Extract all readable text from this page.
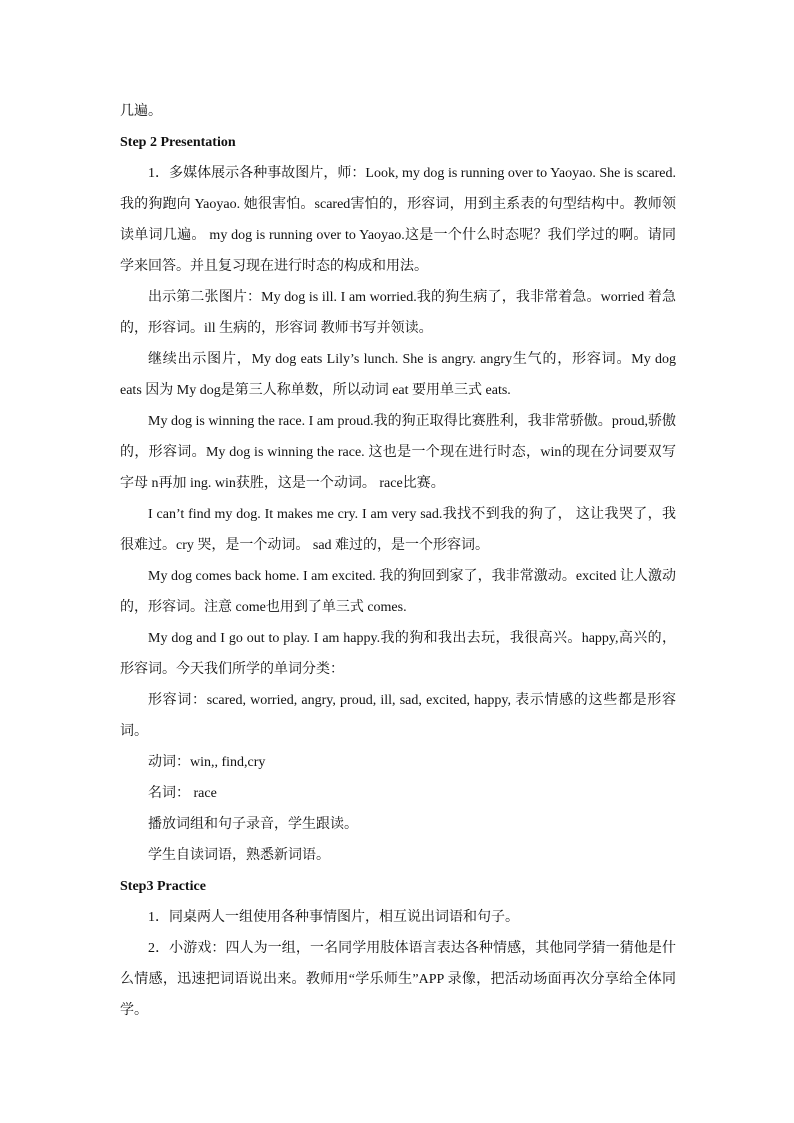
几遍。

Step 2 Presentation

1．多媒体展示各种事故图片，师：Look, my dog is running over to Yaoyao. She is scared. 我的狗跑向 Yaoyao. 她很害怕。scared害怕的，形容词，用到主系表的句型结构中。教师领读单词几遍。 my dog is running over to Yaoyao.这是一个什么时态呢？我们学过的啊。请同学来回答。并且复习现在进行时态的构成和用法。

出示第二张图片：My dog is ill. I am worried.我的狗生病了，我非常着急。worried 着急的，形容词。ill 生病的，形容词 教师书写并领读。

继续出示图片，My dog eats Lily’s lunch. She is angry. angry生气的，形容词。My dog eats 因为 My dog是第三人称单数，所以动词 eat 要用单三式 eats.

My dog is winning the race. I am proud.我的狗正取得比赛胜利，我非常骄傲。proud,骄傲的，形容词。My dog is winning the race. 这也是一个现在进行时态，win的现在分词要双写字母 n再加 ing. win获胜，这是一个动词。 race比赛。

I can’t find my dog. It makes me cry. I am very sad.我找不到我的狗了， 这让我哭了，我很难过。cry 哭，是一个动词。 sad 难过的，是一个形容词。

My dog comes back home. I am excited. 我的狗回到家了，我非常激动。excited 让人激动的，形容词。注意 come也用到了单三式 comes.

My dog and I go out to play. I am happy.我的狗和我出去玩，我很高兴。happy,高兴的，形容词。今天我们所学的单词分类：

形容词：scared, worried, angry, proud, ill, sad, excited, happy, 表示情感的这些都是形容词。

动词：win,, find,cry

名词： race

播放词组和句子录音，学生跟读。

学生自读词语，熟悉新词语。

Step3 Practice

1．同桌两人一组使用各种事情图片，相互说出词语和句子。

2．小游戏：四人为一组，一名同学用肢体语言表达各种情感，其他同学猜一猜他是什么情感，迅速把词语说出来。教师用“学乐师生”APP 录像，把活动场面再次分享给全体同学。
